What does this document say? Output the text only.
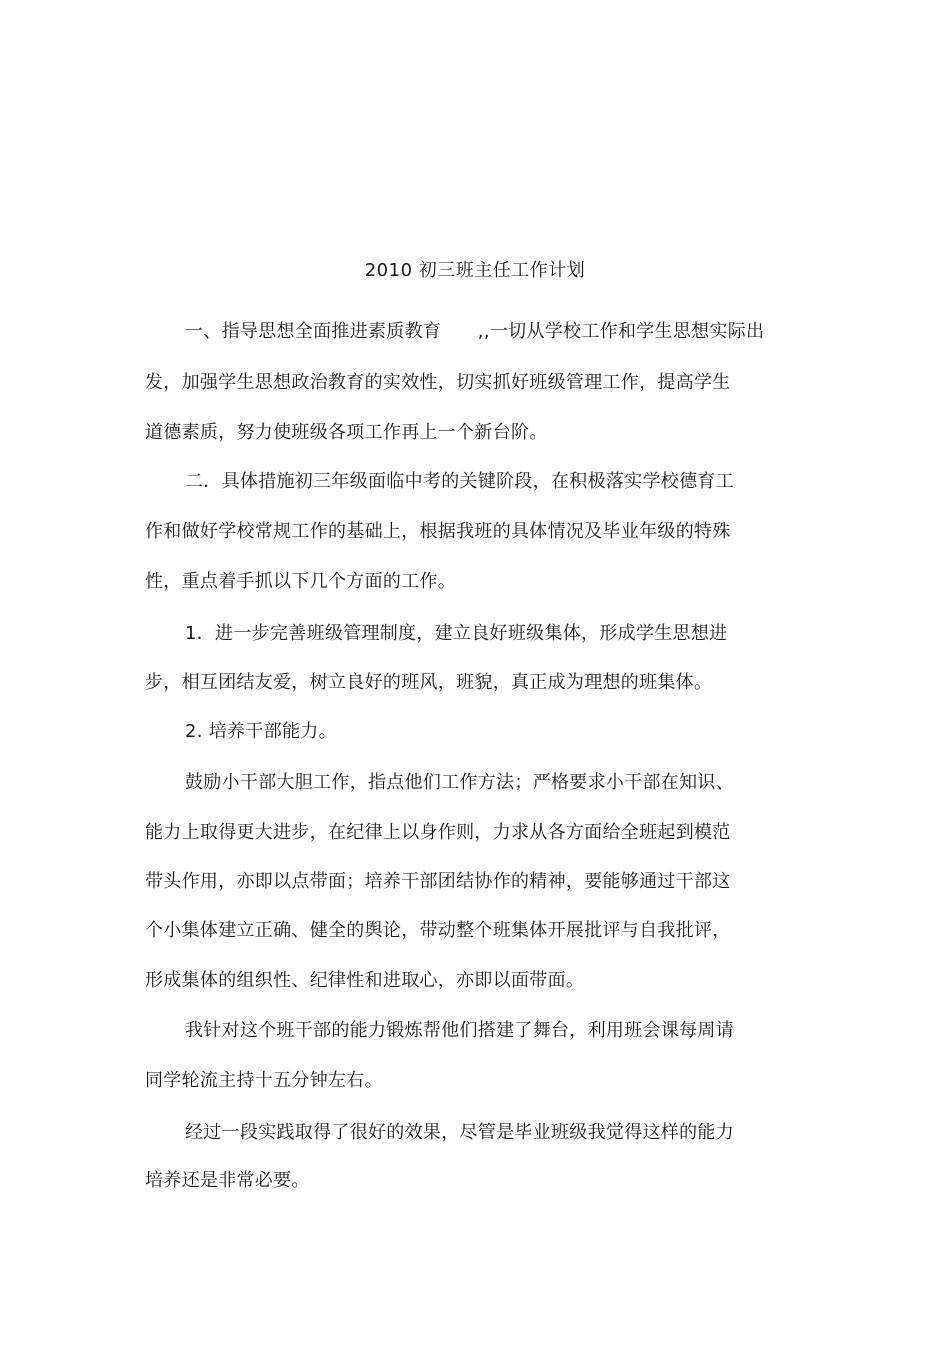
2010 初三班主任工作计划
一、指导思想全面推进素质教育　　,,一切从学校工作和学生思想实际出
发，加强学生思想政治教育的实效性，切实抓好班级管理工作，提高学生
道德素质，努力使班级各项工作再上一个新台阶。
二．具体措施初三年级面临中考的关键阶段，在积极落实学校德育工
作和做好学校常规工作的基础上，根据我班的具体情况及毕业年级的特殊
性，重点着手抓以下几个方面的工作。
1．进一步完善班级管理制度，建立良好班级集体，形成学生思想进
步，相互团结友爱，树立良好的班风，班貌，真正成为理想的班集体。
2. 培养干部能力。
鼓励小干部大胆工作，指点他们工作方法；严格要求小干部在知识、
能力上取得更大进步，在纪律上以身作则，力求从各方面给全班起到模范
带头作用，亦即以点带面；培养干部团结协作的精神，要能够通过干部这
个小集体建立正确、健全的舆论，带动整个班集体开展批评与自我批评，
形成集体的组织性、纪律性和进取心，亦即以面带面。
我针对这个班干部的能力锻炼帮他们搭建了舞台，利用班会课每周请
同学轮流主持十五分钟左右。
经过一段实践取得了很好的效果，尽管是毕业班级我觉得这样的能力
培养还是非常必要。
